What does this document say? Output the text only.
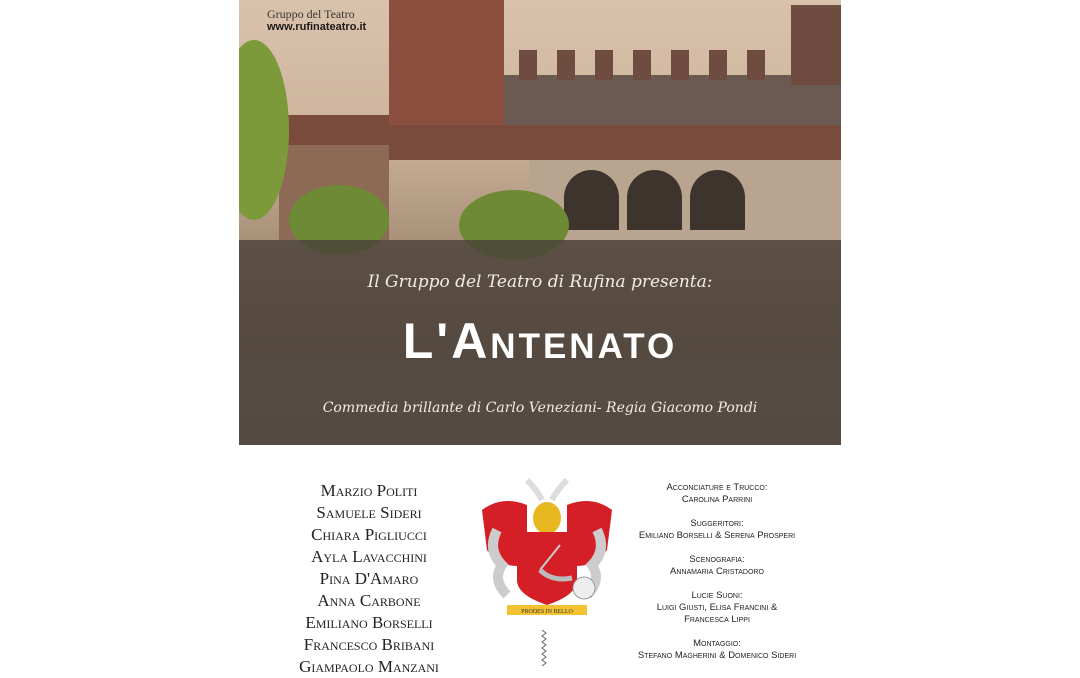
Gruppo del Teatro
www.rufinateatro.it
Il Gruppo del Teatro di Rufina presenta:
L'Antenato
Commedia brillante di Carlo Veneziani- Regia Giacomo Pondi
Marzio Politi
Samuele Sideri
Chiara Pigliucci
Ayla Lavacchini
Pina D'Amaro
Anna Carbone
Emiliano Borselli
Francesco Bribani
Giampaolo Manzani
PRODES IN BELLO
Acconciature e Trucco:
Carolina Parrini
Suggeritori:
Emiliano Borselli & Serena Prosperi
Scenografia:
Annamaria Cristadoro
Lucie Suoni:
Luigi Giusti, Elisa Francini & Francesca Lippi
Montaggio:
Stefano Magherini & Domenico Sideri
